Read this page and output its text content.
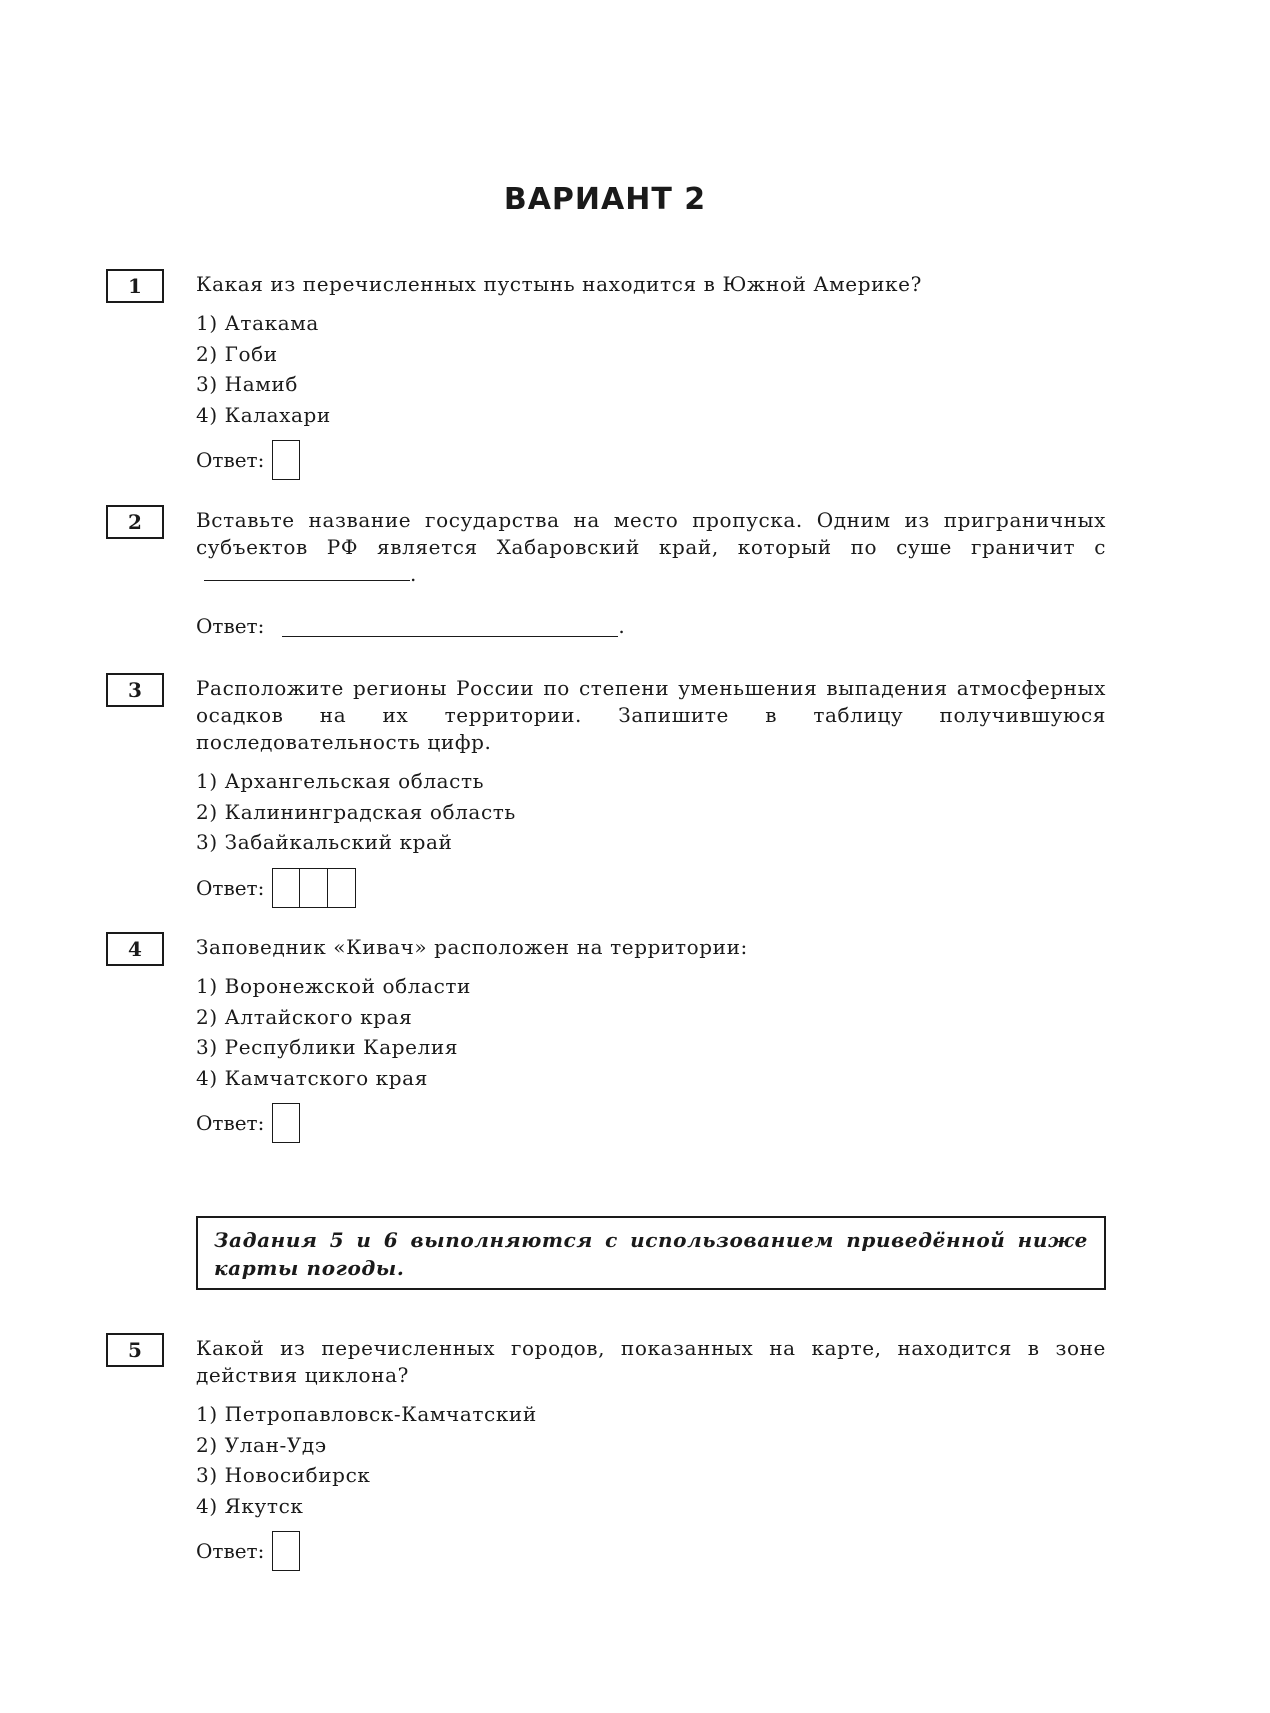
ВАРИАНТ 2
1	Какая из перечисленных пустынь находится в Южной Америке?

1) Атакама
2) Гоби
3) Намиб
4) Калахари
Ответ:
2	Вставьте название государства на место пропуска. Одним из приграничных субъектов РФ является Хабаровский край, который по суше граничит с.

Ответ:	.
3	Расположите регионы России по степени уменьшения выпадения атмосферных осадков на их территории. Запишите в таблицу получившуюся последовательность цифр.

1) Архангельская область
2) Калининградская область
3) Забайкальский край
Ответ:
4	Заповедник «Кивач» расположен на территории:

1) Воронежской области
2) Алтайского края
3) Республики Карелия
4) Камчатского края
Ответ:
Задания 5 и 6 выполняются с использованием приведённой ниже карты погоды.
5	Какой из перечисленных городов, показанных на карте, находится в зоне действия циклона?

1) Петропавловск-Камчатский
2) Улан-Удэ
3) Новосибирск
4) Якутск
Ответ:
